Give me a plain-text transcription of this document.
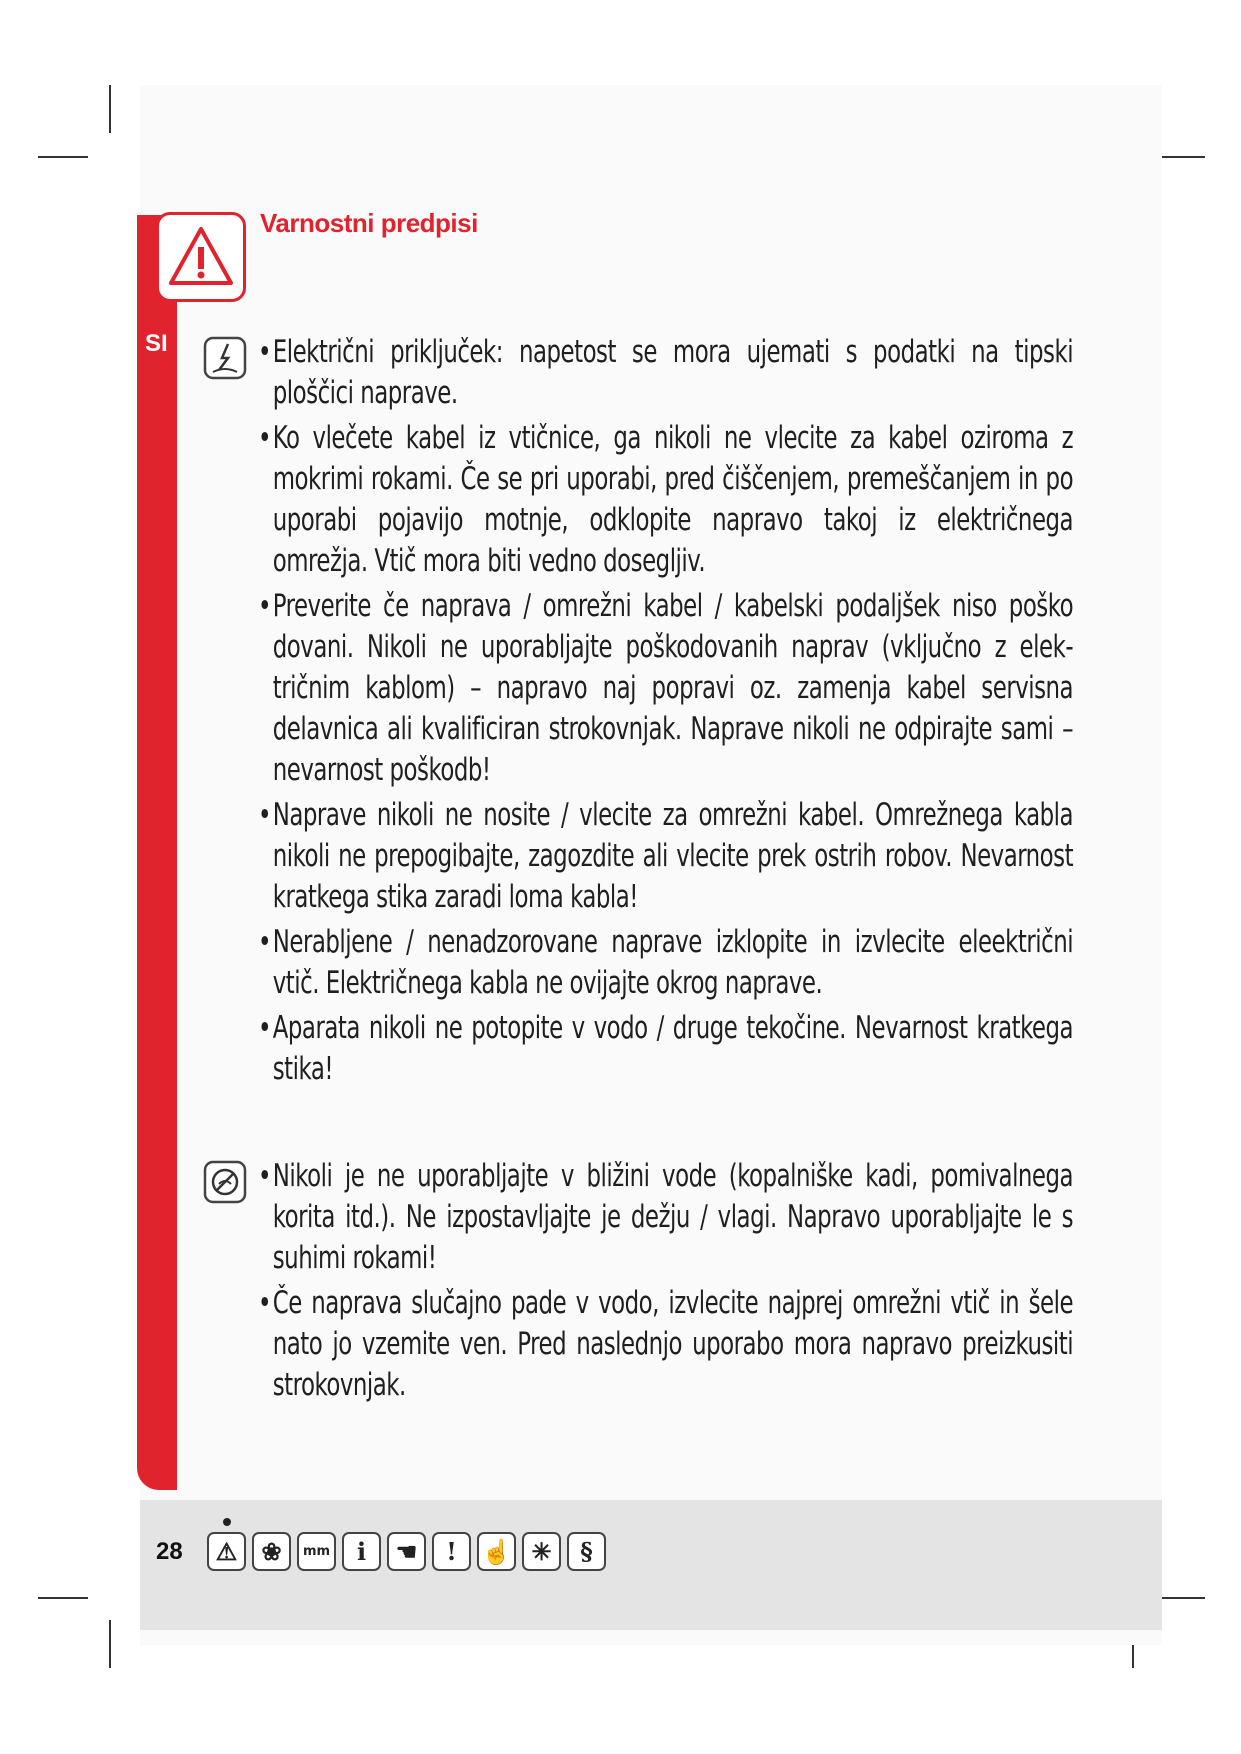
SI
Varnostni predpisi
• Električni priključek: napetost se mora ujemati s podatki na tipski ploščici naprave.
• Ko vlečete kabel iz vtičnice, ga nikoli ne vlecite za kabel oziroma z mokrimi rokami. Če se pri uporabi, pred čiščenjem, premeščanjem in po uporabi pojavijo motnje, odklopite napravo takoj iz električnega omrežja. Vtič mora biti vedno dosegljiv.
• Preverite če naprava / omrežni kabel / kabelski podaljšek niso poško dovani. Nikoli ne uporabljajte poškodovanih naprav (vključno z elek-tričnim kablom) – napravo naj popravi oz. zamenja kabel servisna delavnica ali kvalificiran strokovnjak. Naprave nikoli ne odpirajte sami – nevarnost poškodb!
• Naprave nikoli ne nosite / vlecite za omrežni kabel. Omrežnega kabla nikoli ne prepogibajte, zagozdite ali vlecite prek ostrih robov. Nevarnost kratkega stika zaradi loma kabla!
• Nerabljene / nenadzorovane naprave izklopite in izvlecite eleektrični vtič. Električnega kabla ne ovijajte okrog naprave.
• Aparata nikoli ne potopite v vodo / druge tekočine. Nevarnost kratkega stika!
• Nikoli je ne uporabljajte v bližini vode (kopalniške kadi, pomivalnega korita itd.). Ne izpostavljajte je dežju / vlagi. Napravo uporabljajte le s suhimi rokami!
• Če naprava slučajno pade v vodo, izvlecite najprej omrežni vtič in šele nato jo vzemite ven. Pred naslednjo uporabo mora napravo preizkusiti strokovnjak.
28	⚠	❀	mm	i	☚	!	☝ ✳	§
